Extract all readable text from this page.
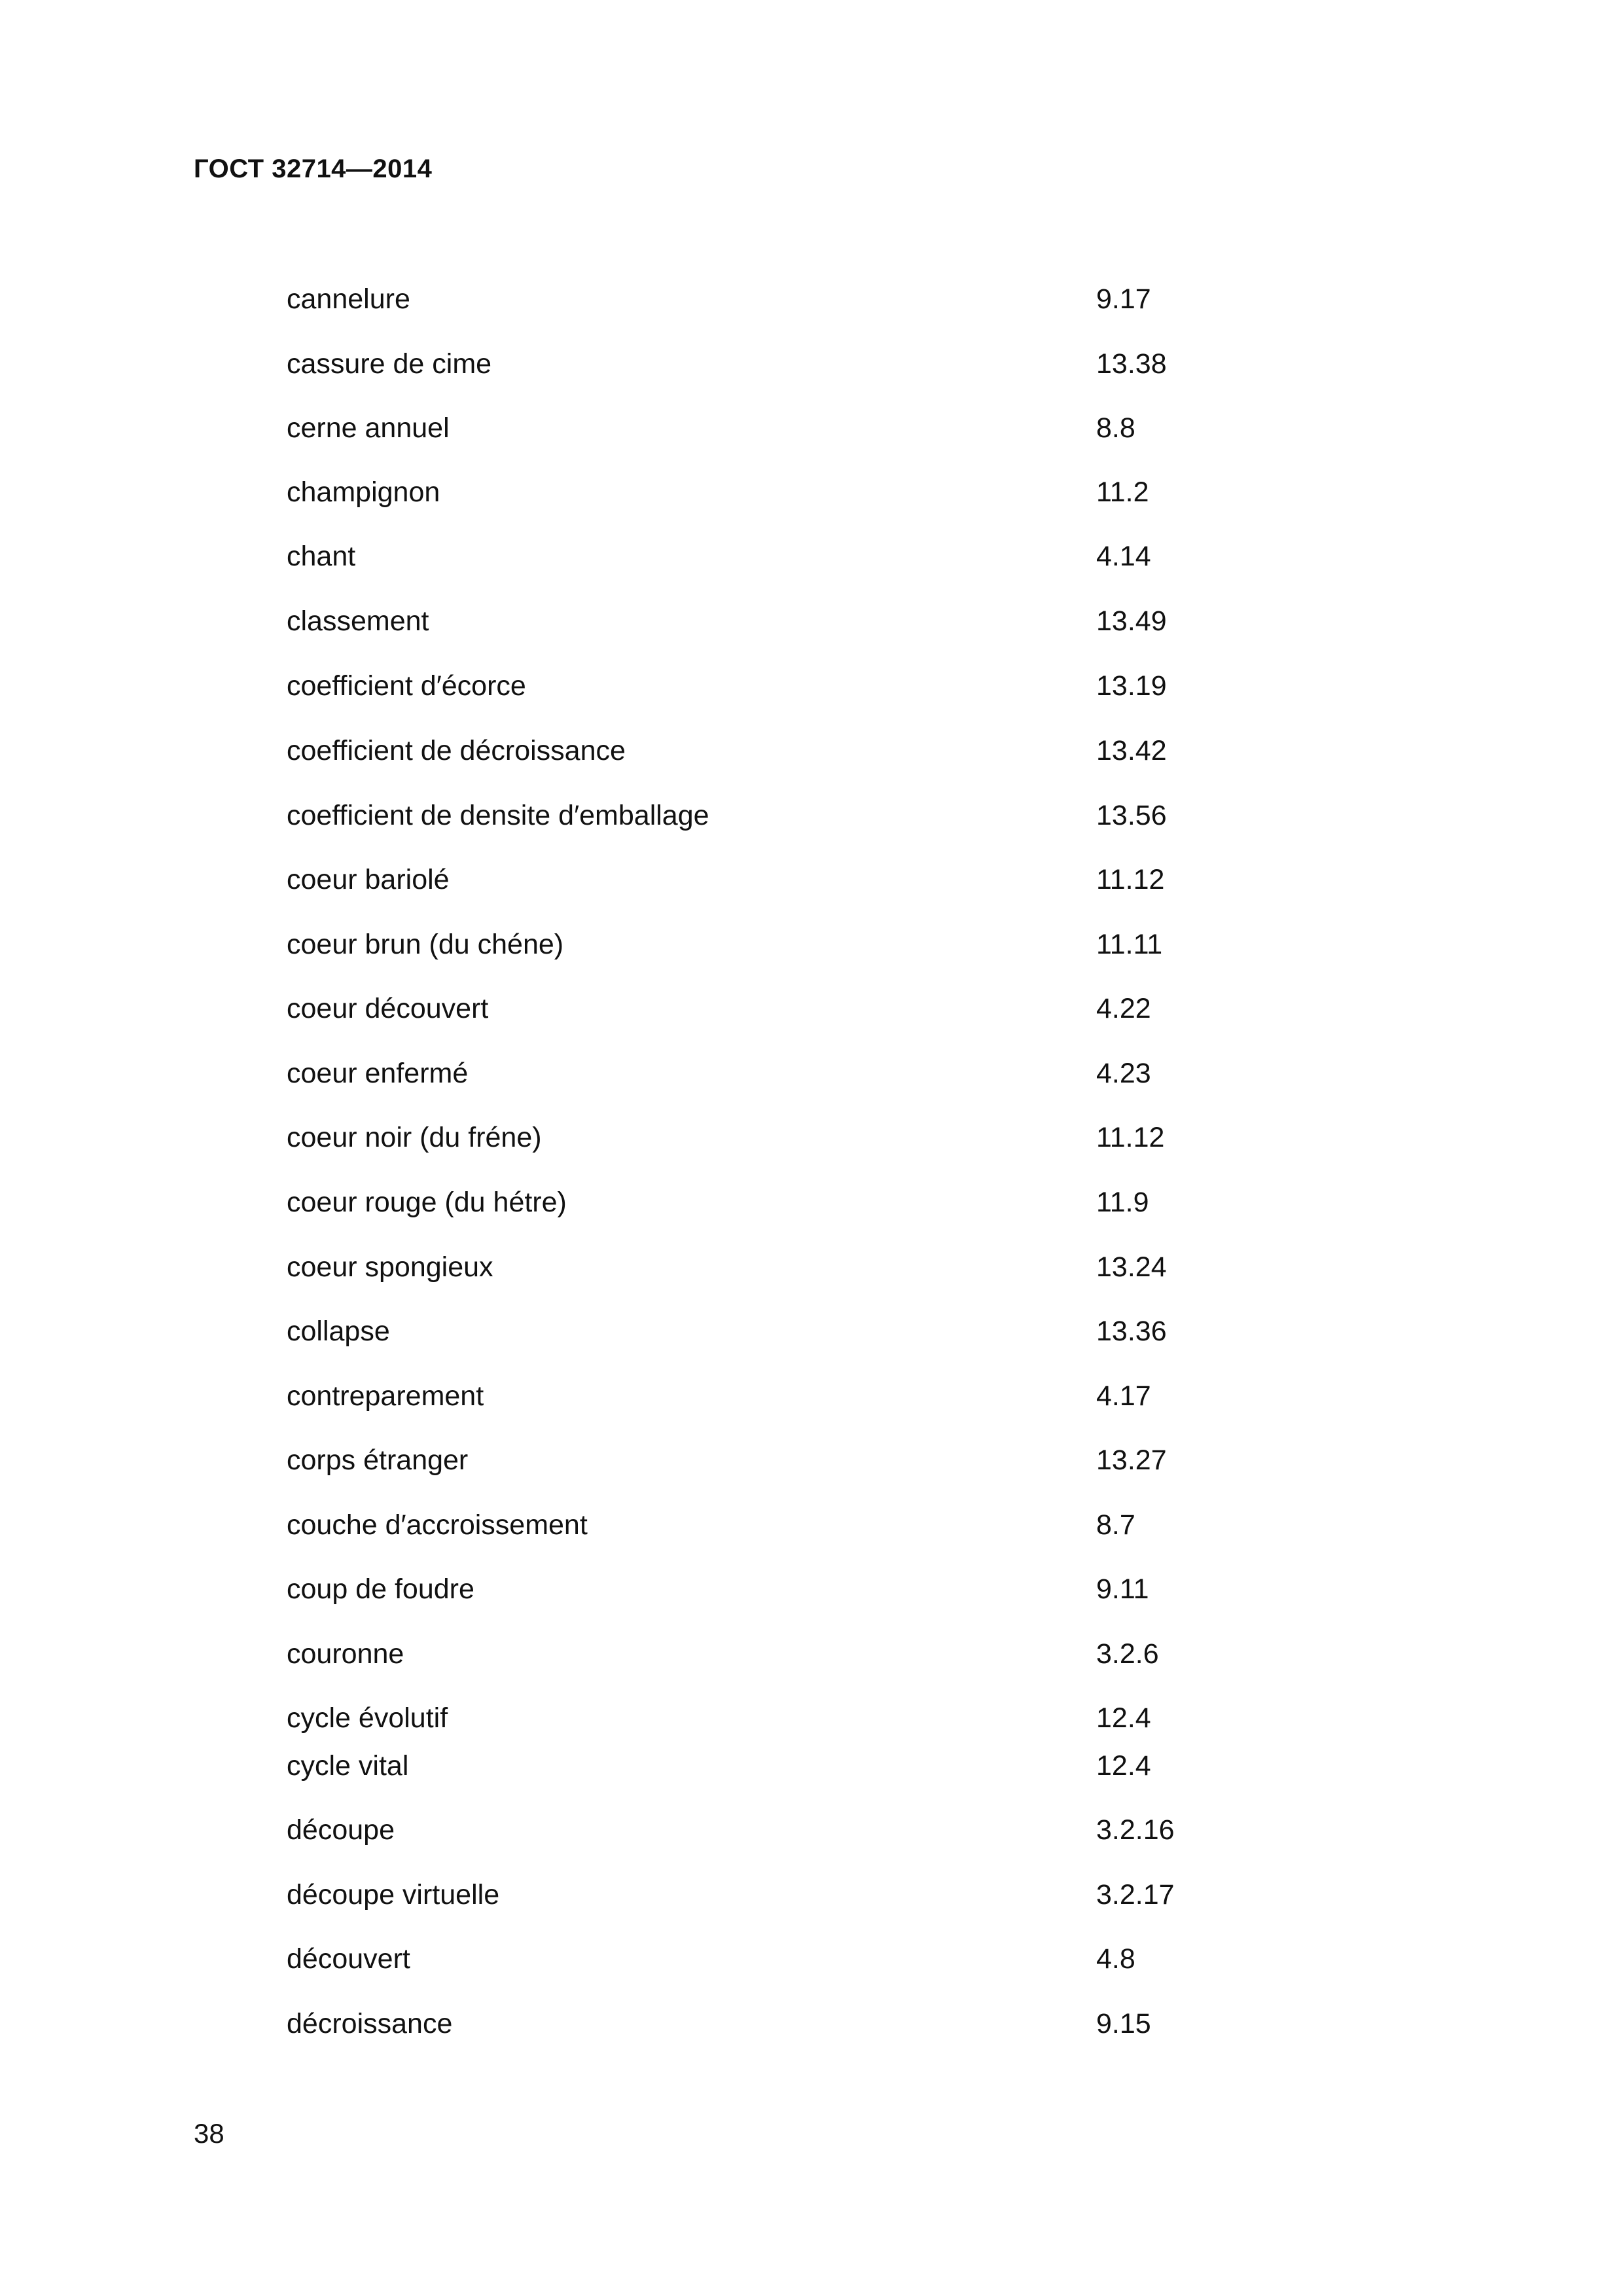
ГОСТ 32714—2014
cannelure	9.17
cassure de cime	13.38
cerne annuel	8.8
champignon	11.2
chant	4.14
classement	13.49
coefficient d′écorce	13.19
coefficient de décroissance	13.42
coefficient de densite d′emballage	13.56
coeur bariolé	11.12
coeur brun (du chéne)	11.11
coeur découvert	4.22
coeur enfermé	4.23
coeur noir (du fréne)	11.12
coeur rouge (du hétre)	11.9
coeur spongieux	13.24
collapse	13.36
contreparement	4.17
corps étranger	13.27
couche d′accroissement	8.7
coup de foudre	9.11
couronne	3.2.6
cycle évolutif	12.4
cycle vital	12.4
découpe	3.2.16
découpe virtuelle	3.2.17
découvert	4.8
décroissance	9.15
38
